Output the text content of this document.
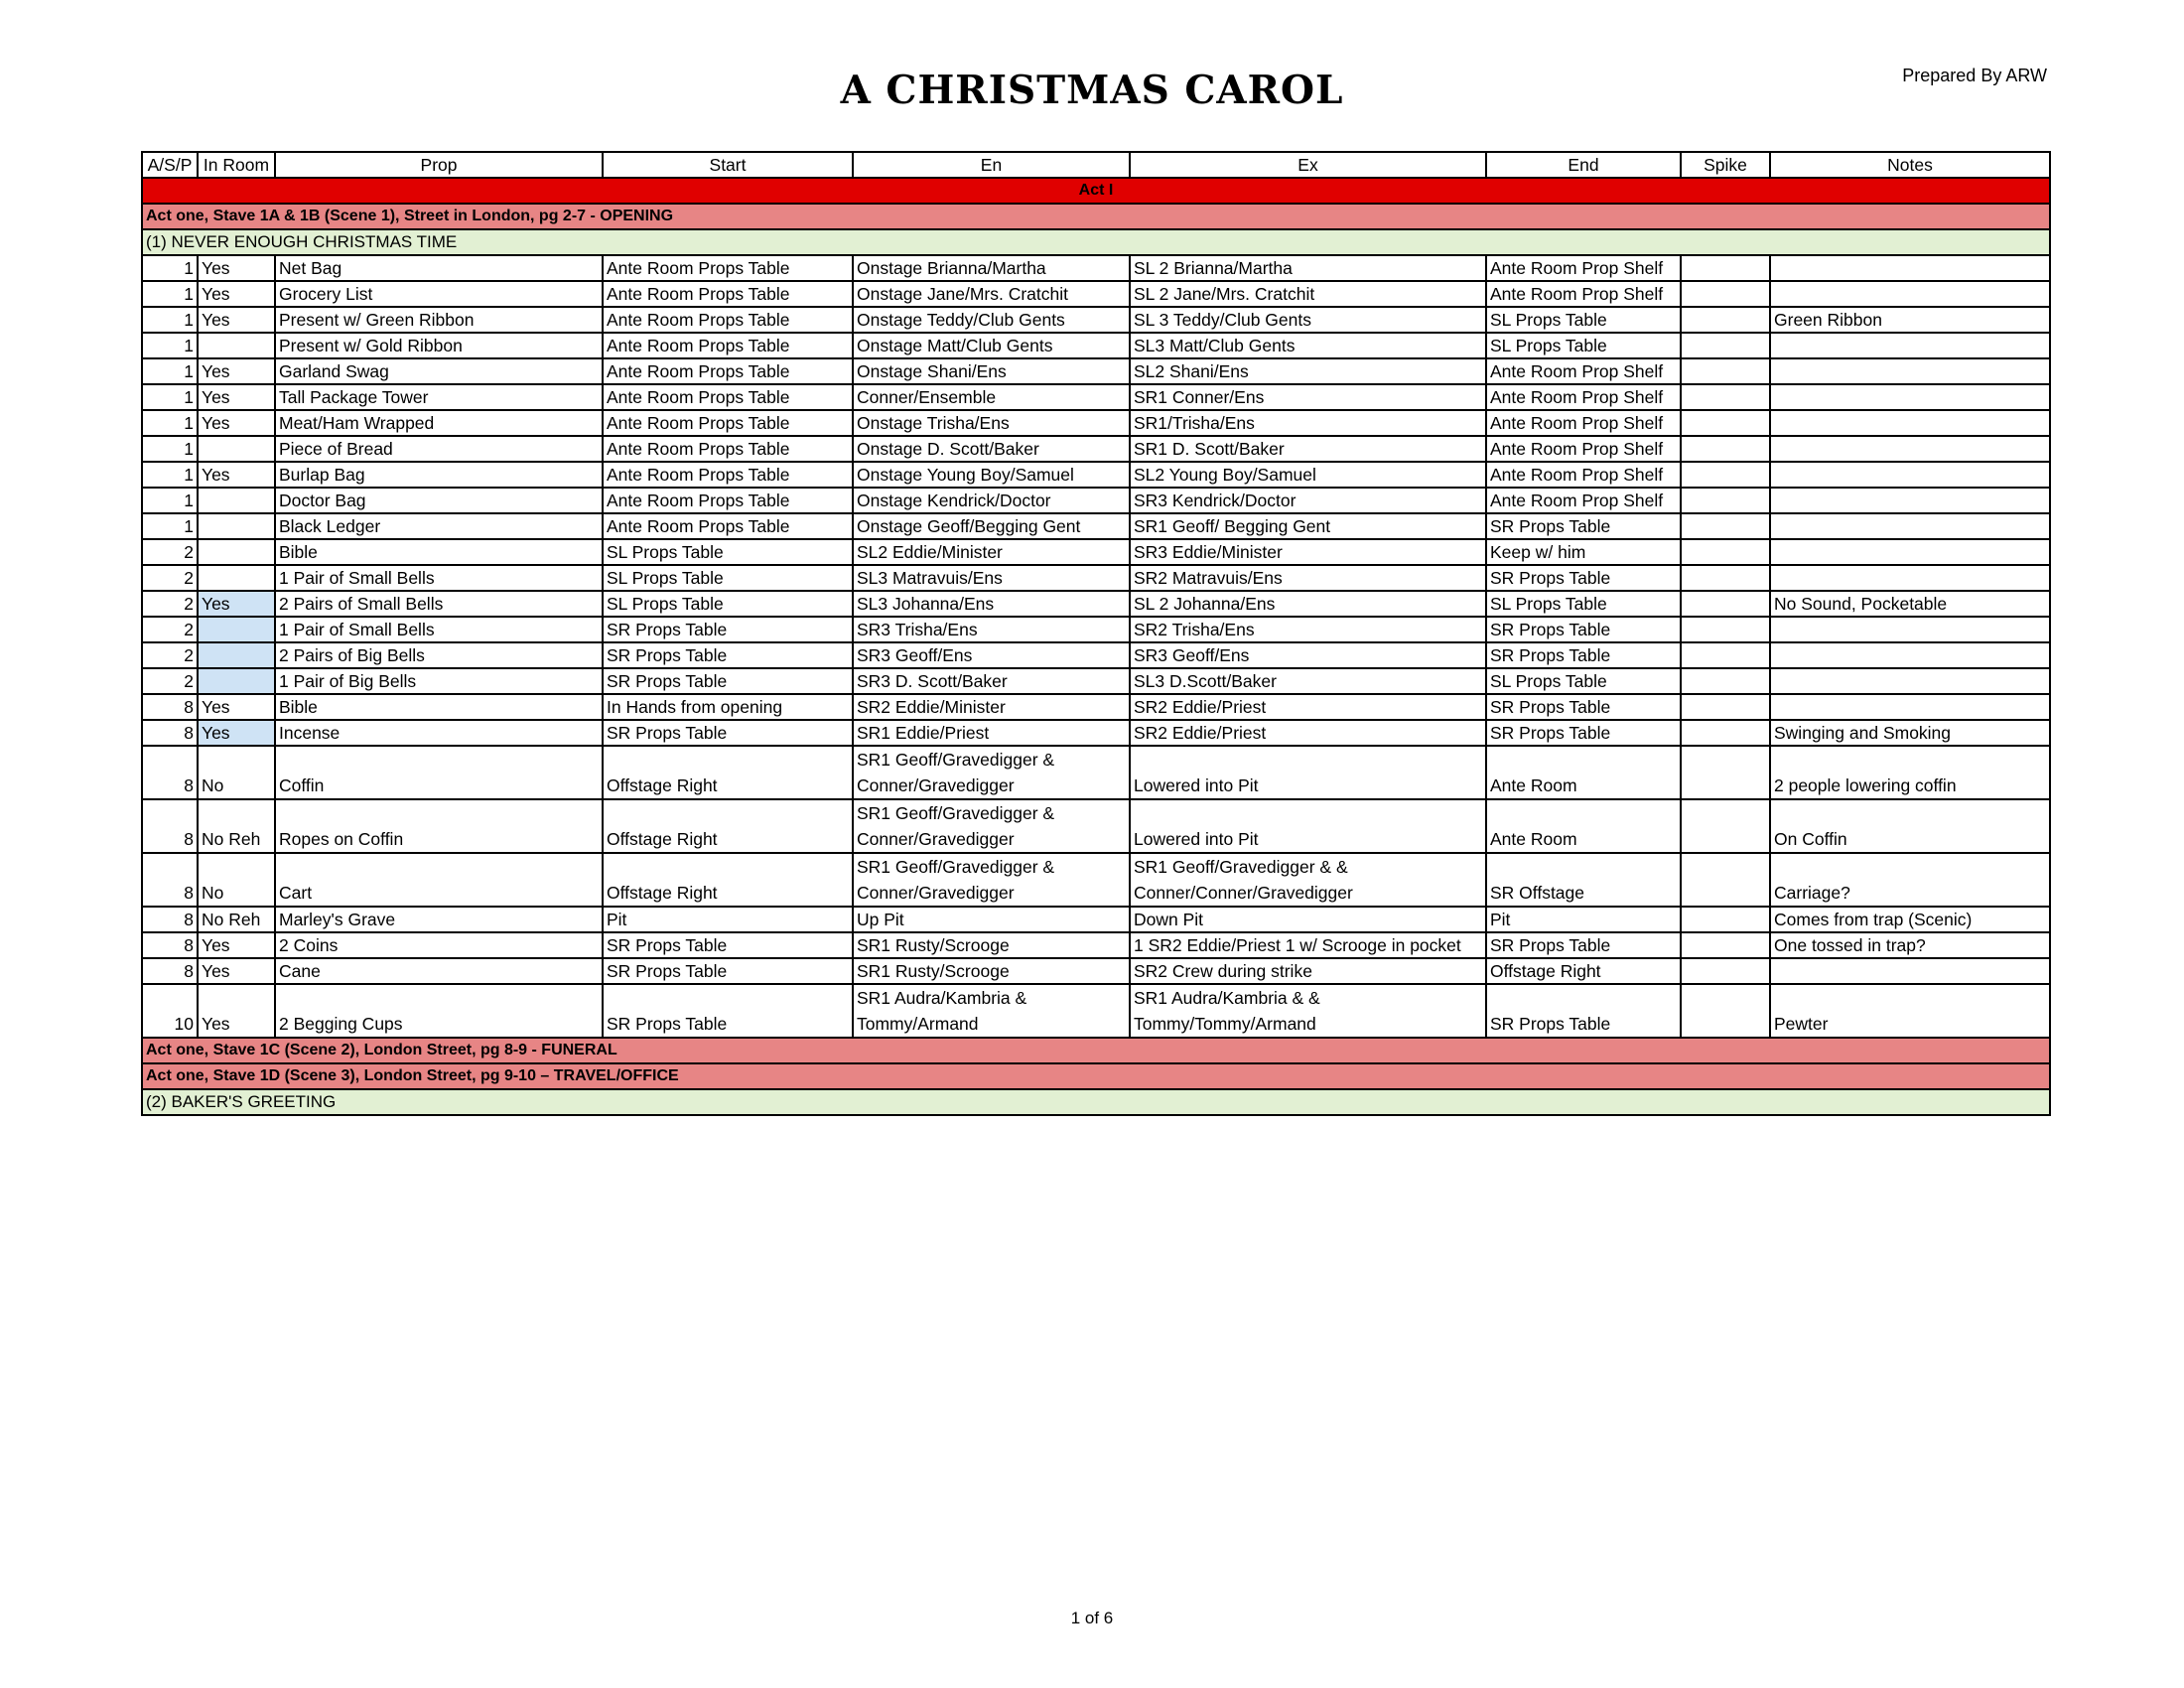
A CHRISTMAS CAROL	Prepared By ARW
A/S/P	In Room	Prop	Start	En	Ex	End	Spike	Notes
Act I								
Act one, Stave 1A & 1B (Scene 1), Street in London, pg 2-7 - OPENING								
(1) NEVER ENOUGH CHRISTMAS TIME								
1	Yes	Net Bag	Ante Room Props Table	Onstage Brianna/Martha	SL 2 Brianna/Martha	Ante Room Prop Shelf		
1	Yes	Grocery List	Ante Room Props Table	Onstage Jane/Mrs. Cratchit	SL 2 Jane/Mrs. Cratchit	Ante Room Prop Shelf		
1	Yes	Present w/ Green Ribbon	Ante Room Props Table	Onstage Teddy/Club Gents	SL 3 Teddy/Club Gents	SL Props Table		Green Ribbon
1		Present w/ Gold Ribbon	Ante Room Props Table	Onstage Matt/Club Gents	SL3 Matt/Club Gents	SL Props Table		
1	Yes	Garland Swag	Ante Room Props Table	Onstage Shani/Ens	SL2 Shani/Ens	Ante Room Prop Shelf		
1	Yes	Tall Package Tower	Ante Room Props Table	Conner/Ensemble	SR1 Conner/Ens	Ante Room Prop Shelf		
1	Yes	Meat/Ham Wrapped	Ante Room Props Table	Onstage Trisha/Ens	SR1/Trisha/Ens	Ante Room Prop Shelf		
1		Piece of Bread	Ante Room Props Table	Onstage D. Scott/Baker	SR1 D. Scott/Baker	Ante Room Prop Shelf		
1	Yes	Burlap Bag	Ante Room Props Table	Onstage Young Boy/Samuel	SL2 Young Boy/Samuel	Ante Room Prop Shelf		
1		Doctor Bag	Ante Room Props Table	Onstage Kendrick/Doctor	SR3 Kendrick/Doctor	Ante Room Prop Shelf		
1		Black Ledger	Ante Room Props Table	Onstage Geoff/Begging Gent	SR1 Geoff/ Begging Gent	SR Props Table		
2		Bible	SL Props Table	SL2 Eddie/Minister	SR3 Eddie/Minister	Keep w/ him		
2		1 Pair of Small Bells	SL Props Table	SL3 Matravuis/Ens	SR2 Matravuis/Ens	SR Props Table		
2	Yes	2 Pairs of Small Bells	SL Props Table	SL3 Johanna/Ens	SL 2 Johanna/Ens	SL Props Table		No Sound, Pocketable
2		1 Pair of Small Bells	SR Props Table	SR3 Trisha/Ens	SR2 Trisha/Ens	SR Props Table		
2		2 Pairs of Big Bells	SR Props Table	SR3 Geoff/Ens	SR3 Geoff/Ens	SR Props Table		
2		1 Pair of Big Bells	SR Props Table	SR3 D. Scott/Baker	SL3 D.Scott/Baker	SL Props Table		
8	Yes	Bible	In Hands from opening	SR2 Eddie/Minister	SR2 Eddie/Priest	SR Props Table		
8	Yes	Incense	SR Props Table	SR1 Eddie/Priest	SR2 Eddie/Priest	SR Props Table		Swinging and Smoking
8	No	Coffin	Offstage Right	SR1 Geoff/Gravedigger & Conner/Gravedigger	Lowered into Pit	Ante Room		2 people lowering coffin
8	No Reh	Ropes on Coffin	Offstage Right	SR1 Geoff/Gravedigger & Conner/Gravedigger	Lowered into Pit	Ante Room		On Coffin
8	No	Cart	Offstage Right	SR1 Geoff/Gravedigger & Conner/Gravedigger	SR1 Geoff/Gravedigger & & Conner/Conner/Gravedigger	SR Offstage		Carriage?
8	No Reh	Marley's Grave	Pit	Up Pit	Down Pit	Pit		Comes from trap (Scenic)
8	Yes	2 Coins	SR Props Table	SR1 Rusty/Scrooge	1 SR2 Eddie/Priest 1 w/ Scrooge in pocket	SR Props Table		One tossed in trap?
8	Yes	Cane	SR Props Table	SR1 Rusty/Scrooge	SR2 Crew during strike	Offstage Right		
10	Yes	2 Begging Cups	SR Props Table	SR1 Audra/Kambria & Tommy/Armand	SR1 Audra/Kambria & & Tommy/Tommy/Armand	SR Props Table		Pewter
Act one, Stave 1C (Scene 2), London Street, pg 8-9 - FUNERAL								
Act one, Stave 1D (Scene 3), London Street, pg 9-10 – TRAVEL/OFFICE								
(2) BAKER'S GREETING								
1 of 6
